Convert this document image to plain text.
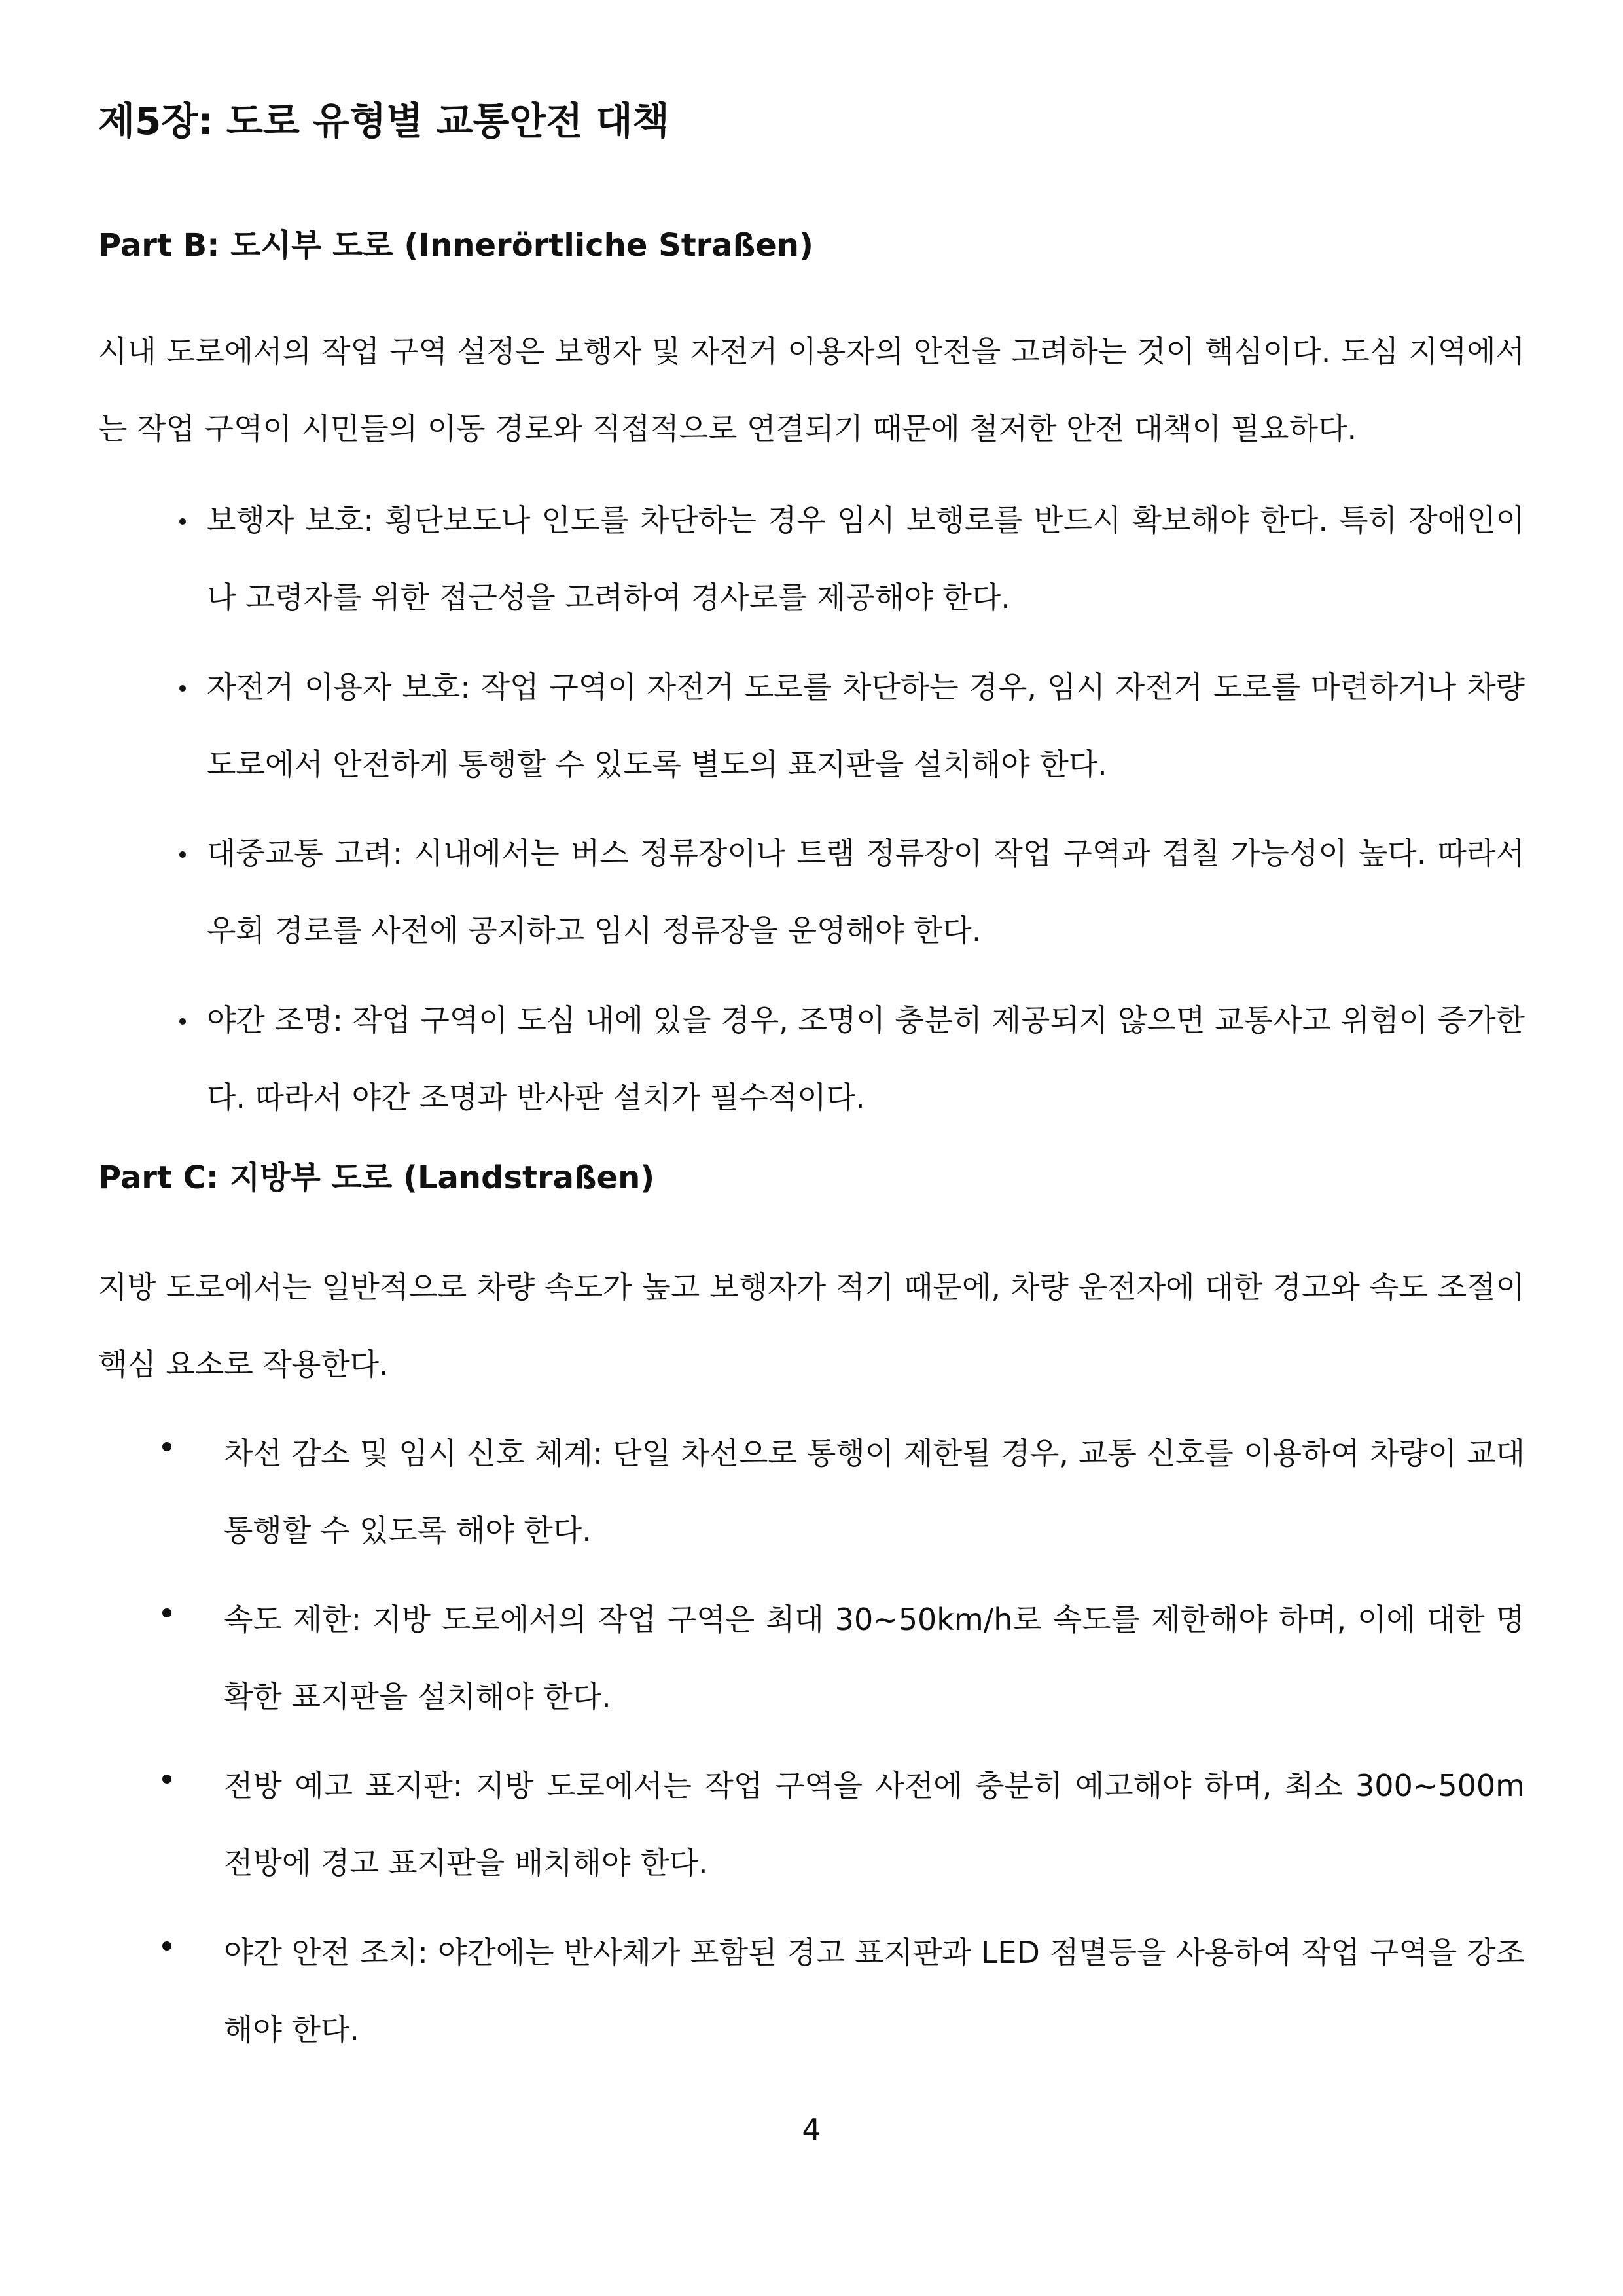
제5장: 도로 유형별 교통안전 대책
Part B: 도시부 도로 (Innerörtliche Straßen)

시내 도로에서의 작업 구역 설정은 보행자 및 자전거 이용자의 안전을 고려하는 것이 핵심이다. 도심 지역에서는 작업 구역이 시민들의 이동 경로와 직접적으로 연결되기 때문에 철저한 안전 대책이 필요하다.

보행자 보호: 횡단보도나 인도를 차단하는 경우 임시 보행로를 반드시 확보해야 한다. 특히 장애인이나 고령자를 위한 접근성을 고려하여 경사로를 제공해야 한다.

자전거 이용자 보호: 작업 구역이 자전거 도로를 차단하는 경우, 임시 자전거 도로를 마련하거나 차량 도로에서 안전하게 통행할 수 있도록 별도의 표지판을 설치해야 한다.

대중교통 고려: 시내에서는 버스 정류장이나 트램 정류장이 작업 구역과 겹칠 가능성이 높다. 따라서 우회 경로를 사전에 공지하고 임시 정류장을 운영해야 한다.

야간 조명: 작업 구역이 도심 내에 있을 경우, 조명이 충분히 제공되지 않으면 교통사고 위험이 증가한다. 따라서 야간 조명과 반사판 설치가 필수적이다.

Part C: 지방부 도로 (Landstraßen)

지방 도로에서는 일반적으로 차량 속도가 높고 보행자가 적기 때문에, 차량 운전자에 대한 경고와 속도 조절이 핵심 요소로 작용한다.

차선 감소 및 임시 신호 체계: 단일 차선으로 통행이 제한될 경우, 교통 신호를 이용하여 차량이 교대 통행할 수 있도록 해야 한다.

속도 제한: 지방 도로에서의 작업 구역은 최대 30~50km/h로 속도를 제한해야 하며, 이에 대한 명확한 표지판을 설치해야 한다.

전방 예고 표지판: 지방 도로에서는 작업 구역을 사전에 충분히 예고해야 하며, 최소 300~500m 전방에 경고 표지판을 배치해야 한다.

야간 안전 조치: 야간에는 반사체가 포함된 경고 표지판과 LED 점멸등을 사용하여 작업 구역을 강조해야 한다.

4
